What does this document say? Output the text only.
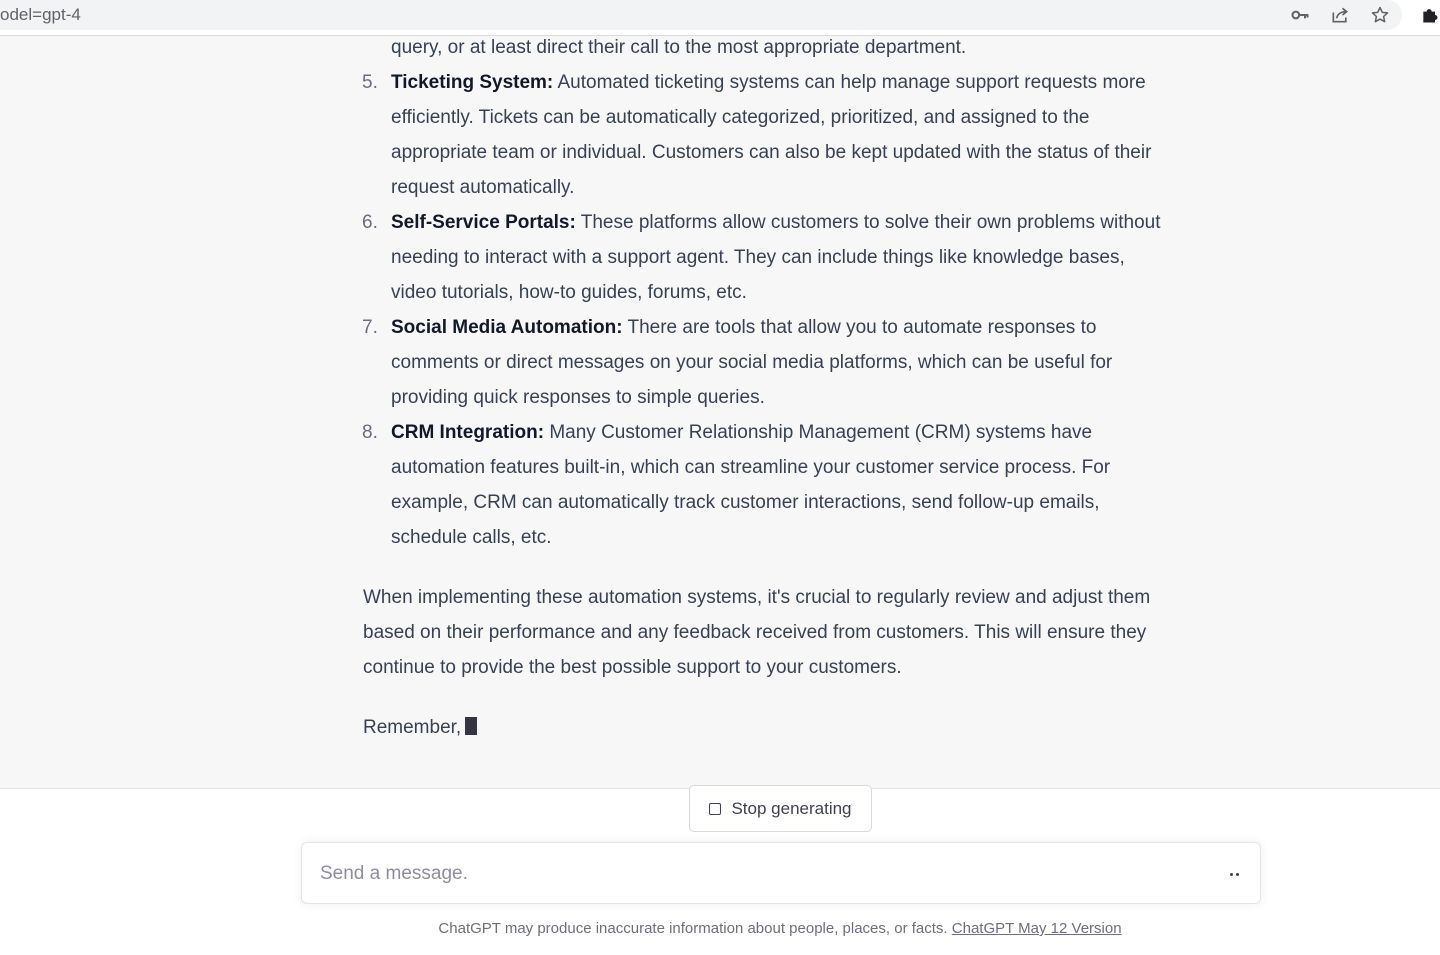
odel=gpt-4
query, or at least direct their call to the most appropriate department.
5. Ticketing System: Automated ticketing systems can help manage support requests more efficiently. Tickets can be automatically categorized, prioritized, and assigned to the appropriate team or individual. Customers can also be kept updated with the status of their request automatically.
6. Self-Service Portals: These platforms allow customers to solve their own problems without needing to interact with a support agent. They can include things like knowledge bases, video tutorials, how-to guides, forums, etc.
7. Social Media Automation: There are tools that allow you to automate responses to comments or direct messages on your social media platforms, which can be useful for providing quick responses to simple queries.
8. CRM Integration: Many Customer Relationship Management (CRM) systems have automation features built-in, which can streamline your customer service process. For example, CRM can automatically track customer interactions, send follow-up emails, schedule calls, etc.

When implementing these automation systems, it's crucial to regularly review and adjust them based on their performance and any feedback received from customers. This will ensure they continue to provide the best possible support to your customers.

Remember,

Stop generating
Send a message.
ChatGPT may produce inaccurate information about people, places, or facts. ChatGPT May 12 Version
